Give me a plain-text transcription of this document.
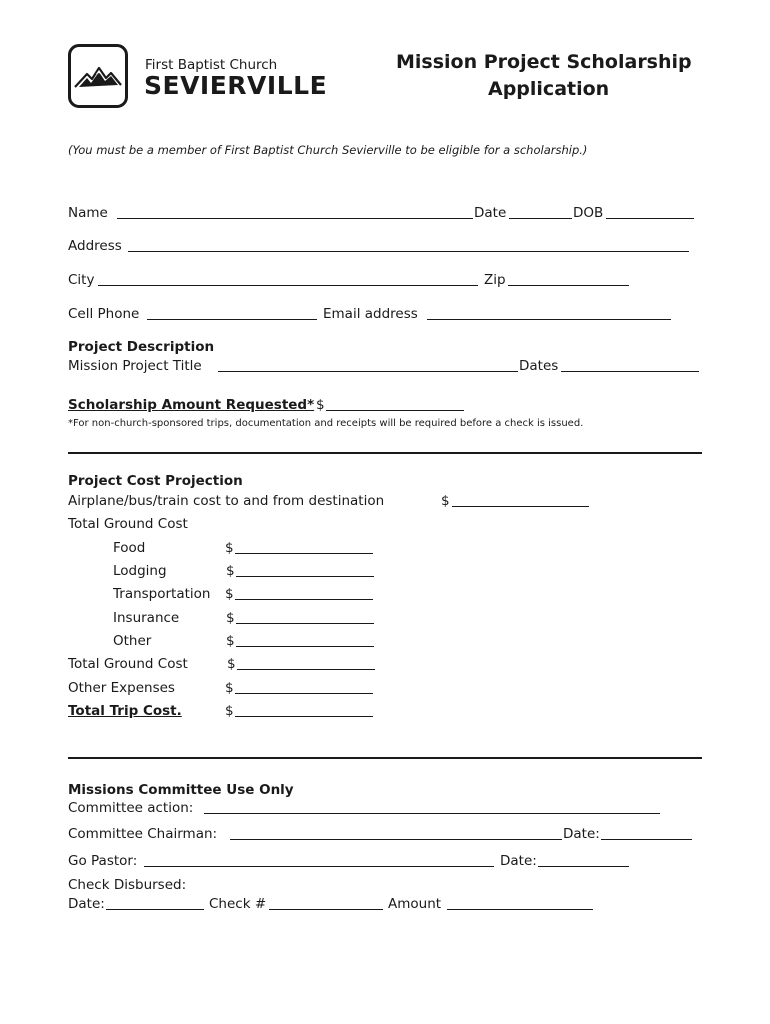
First Baptist Church
SEVIERVILLE
Mission Project Scholarship
Application
(You must be a member of First Baptist Church Sevierville to be eligible for a scholarship.)
Name	Date	DOB
Address
City	Zip
Cell Phone	Email address
Project Description
Mission Project Title	Dates
Scholarship Amount Requested* $
*For non-church-sponsored trips, documentation and receipts will be required before a check is issued.
Project Cost Projection
Airplane/bus/train cost to and from destination	$
Total Ground Cost
Food	$
Lodging	$
Transportation $
Insurance	$
Other	$
Total Ground Cost	$
Other Expenses	$
Total Trip Cost.	$
Missions Committee Use Only
Committee action:
Committee Chairman:	Date:
Go Pastor:	Date:
Check Disbursed:
Date:	Check #	Amount
